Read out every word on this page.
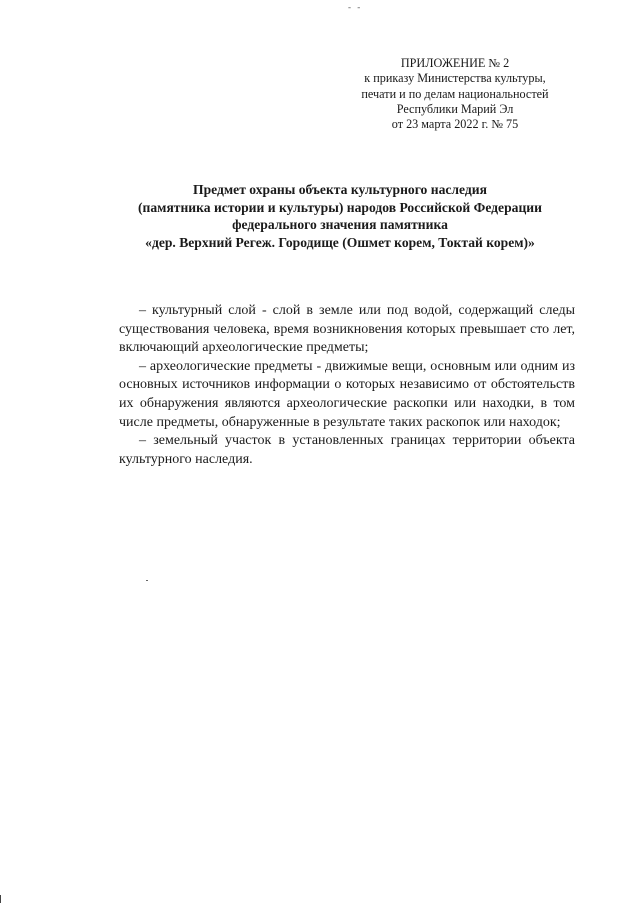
- -
ПРИЛОЖЕНИЕ № 2
к приказу Министерства культуры,
печати и по делам национальностей
Республики Марий Эл
от 23 марта 2022 г. № 75
Предмет охраны объекта культурного наследия
(памятника истории и культуры) народов Российской Федерации
федерального значения памятника
«дер. Верхний Регеж. Городище (Ошмет корем, Токтай корем)»

– культурный слой - слой в земле или под водой, содержащий следы существования человека, время возникновения которых превышает сто лет, включающий археологические предметы;

– археологические предметы - движимые вещи, основным или одним из основных источников информации о которых независимо от обстоятельств их обнаружения являются археологические раскопки или находки, в том числе предметы, обнаруженные в результате таких раскопок или находок;

– земельный участок в установленных границах территории объекта культурного наследия.
